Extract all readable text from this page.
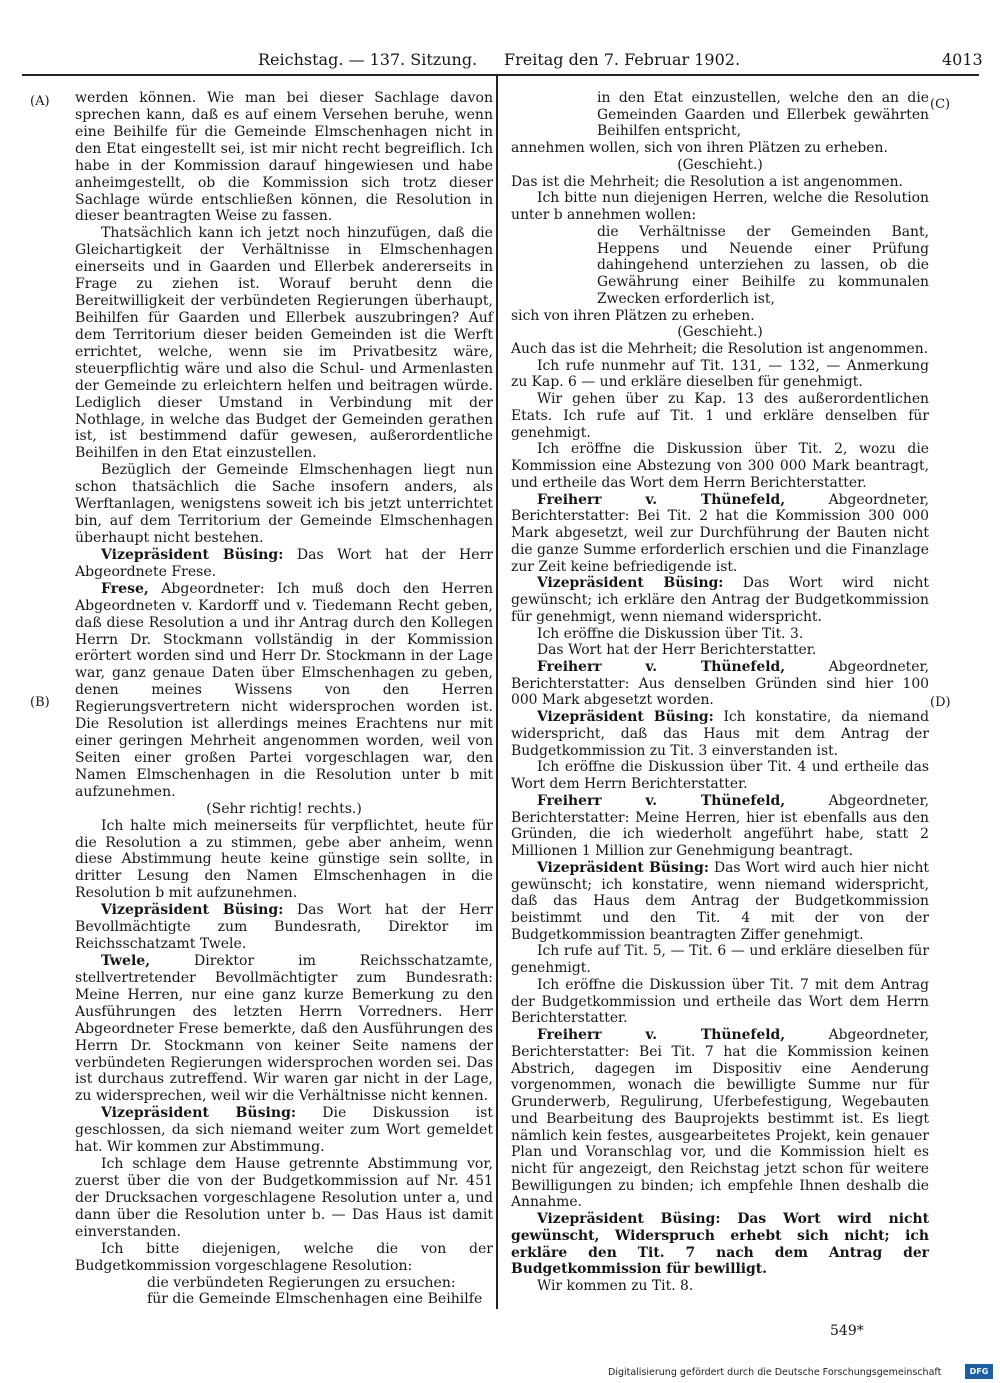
Reichstag. — 137. Sitzung. Freitag den 7. Februar 1902.	4013
(A)
(B)
(C)
(D)

werden können. Wie man bei dieser Sachlage davon sprechen kann, daß es auf einem Versehen beruhe, wenn eine Beihilfe für die Gemeinde Elmschenhagen nicht in den Etat eingestellt sei, ist mir nicht recht begreiflich. Ich habe in der Kommission darauf hingewiesen und habe anheimgestellt, ob die Kommission sich trotz dieser Sachlage würde entschließen können, die Resolution in dieser beantragten Weise zu fassen.

Thatsächlich kann ich jetzt noch hinzufügen, daß die Gleichartigkeit der Verhältnisse in Elmschenhagen einerseits und in Gaarden und Ellerbek andererseits in Frage zu ziehen ist. Worauf beruht denn die Bereitwilligkeit der verbündeten Regierungen überhaupt, Beihilfen für Gaarden und Ellerbek auszubringen? Auf dem Territorium dieser beiden Gemeinden ist die Werft errichtet, welche, wenn sie im Privatbesitz wäre, steuerpflichtig wäre und also die Schul- und Armenlasten der Gemeinde zu erleichtern helfen und beitragen würde. Lediglich dieser Umstand in Verbindung mit der Nothlage, in welche das Budget der Gemeinden gerathen ist, ist bestimmend dafür gewesen, außerordentliche Beihilfen in den Etat einzustellen.

Bezüglich der Gemeinde Elmschenhagen liegt nun schon thatsächlich die Sache insofern anders, als Werftanlagen, wenigstens soweit ich bis jetzt unterrichtet bin, auf dem Territorium der Gemeinde Elmschenhagen überhaupt nicht bestehen.

Vizepräsident Büsing: Das Wort hat der Herr Abgeordnete Frese.

Frese, Abgeordneter: Ich muß doch den Herren Abgeordneten v. Kardorff und v. Tiedemann Recht geben, daß diese Resolution a und ihr Antrag durch den Kollegen Herrn Dr. Stockmann vollständig in der Kommission erörtert worden sind und Herr Dr. Stockmann in der Lage war, ganz genaue Daten über Elmschenhagen zu geben, denen meines Wissens von den Herren Regierungsvertretern nicht widersprochen worden ist. Die Resolution ist allerdings meines Erachtens nur mit einer geringen Mehrheit angenommen worden, weil von Seiten einer großen Partei vorgeschlagen war, den Namen Elmschenhagen in die Resolution unter b mit aufzunehmen.

(Sehr richtig! rechts.)

Ich halte mich meinerseits für verpflichtet, heute für die Resolution a zu stimmen, gebe aber anheim, wenn diese Abstimmung heute keine günstige sein sollte, in dritter Lesung den Namen Elmschenhagen in die Resolution b mit aufzunehmen.

Vizepräsident Büsing: Das Wort hat der Herr Bevollmächtigte zum Bundesrath, Direktor im Reichsschatzamt Twele.

Twele, Direktor im Reichsschatzamte, stellvertretender Bevollmächtigter zum Bundesrath: Meine Herren, nur eine ganz kurze Bemerkung zu den Ausführungen des letzten Herrn Vorredners. Herr Abgeordneter Frese bemerkte, daß den Ausführungen des Herrn Dr. Stockmann von keiner Seite namens der verbündeten Regierungen widersprochen worden sei. Das ist durchaus zutreffend. Wir waren gar nicht in der Lage, zu widersprechen, weil wir die Verhältnisse nicht kennen.

Vizepräsident Büsing: Die Diskussion ist geschlossen, da sich niemand weiter zum Wort gemeldet hat. Wir kommen zur Abstimmung.

Ich schlage dem Hause getrennte Abstimmung vor, zuerst über die von der Budgetkommission auf Nr. 451 der Drucksachen vorgeschlagene Resolution unter a, und dann über die Resolution unter b. — Das Haus ist damit einverstanden.

Ich bitte diejenigen, welche die von der Budgetkommission vorgeschlagene Resolution:

die verbündeten Regierungen zu ersuchen:

für die Gemeinde Elmschenhagen eine Beihilfe

in den Etat einzustellen, welche den an die Gemeinden Gaarden und Ellerbek gewährten Beihilfen entspricht,

annehmen wollen, sich von ihren Plätzen zu erheben.

(Geschieht.)

Das ist die Mehrheit; die Resolution a ist angenommen.

Ich bitte nun diejenigen Herren, welche die Resolution unter b annehmen wollen:

die Verhältnisse der Gemeinden Bant, Heppens und Neuende einer Prüfung dahingehend unterziehen zu lassen, ob die Gewährung einer Beihilfe zu kommunalen Zwecken erforderlich ist,

sich von ihren Plätzen zu erheben.

(Geschieht.)

Auch das ist die Mehrheit; die Resolution ist angenommen.

Ich rufe nunmehr auf Tit. 131, — 132, — Anmerkung zu Kap. 6 — und erkläre dieselben für genehmigt.

Wir gehen über zu Kap. 13 des außerordentlichen Etats. Ich rufe auf Tit. 1 und erkläre denselben für genehmigt.

Ich eröffne die Diskussion über Tit. 2, wozu die Kommission eine Abstezung von 300 000 Mark beantragt, und ertheile das Wort dem Herrn Berichterstatter.

Freiherr v. Thünefeld, Abgeordneter, Berichterstatter: Bei Tit. 2 hat die Kommission 300 000 Mark abgesetzt, weil zur Durchführung der Bauten nicht die ganze Summe erforderlich erschien und die Finanzlage zur Zeit keine befriedigende ist.

Vizepräsident Büsing: Das Wort wird nicht gewünscht; ich erkläre den Antrag der Budgetkommission für genehmigt, wenn niemand widerspricht.

Ich eröffne die Diskussion über Tit. 3.

Das Wort hat der Herr Berichterstatter.

Freiherr v. Thünefeld, Abgeordneter, Berichterstatter: Aus denselben Gründen sind hier 100 000 Mark abgesetzt worden.

Vizepräsident Büsing: Ich konstatire, da niemand widerspricht, daß das Haus mit dem Antrag der Budgetkommission zu Tit. 3 einverstanden ist.

Ich eröffne die Diskussion über Tit. 4 und ertheile das Wort dem Herrn Berichterstatter.

Freiherr v. Thünefeld, Abgeordneter, Berichterstatter: Meine Herren, hier ist ebenfalls aus den Gründen, die ich wiederholt angeführt habe, statt 2 Millionen 1 Million zur Genehmigung beantragt.

Vizepräsident Büsing: Das Wort wird auch hier nicht gewünscht; ich konstatire, wenn niemand widerspricht, daß das Haus dem Antrag der Budgetkommission beistimmt und den Tit. 4 mit der von der Budgetkommission beantragten Ziffer genehmigt.

Ich rufe auf Tit. 5, — Tit. 6 — und erkläre dieselben für genehmigt.

Ich eröffne die Diskussion über Tit. 7 mit dem Antrag der Budgetkommission und ertheile das Wort dem Herrn Berichterstatter.

Freiherr v. Thünefeld, Abgeordneter, Berichterstatter: Bei Tit. 7 hat die Kommission keinen Abstrich, dagegen im Dispositiv eine Aenderung vorgenommen, wonach die bewilligte Summe nur für Grunderwerb, Regulirung, Uferbefestigung, Wegebauten und Bearbeitung des Bauprojekts bestimmt ist. Es liegt nämlich kein festes, ausgearbeitetes Projekt, kein genauer Plan und Voranschlag vor, und die Kommission hielt es nicht für angezeigt, den Reichstag jetzt schon für weitere Bewilligungen zu binden; ich empfehle Ihnen deshalb die Annahme.

Vizepräsident Büsing: Das Wort wird nicht gewünscht, Widerspruch erhebt sich nicht; ich erkläre den Tit. 7 nach dem Antrag der Budgetkommission für bewilligt.

Wir kommen zu Tit. 8.

549*
Digitalisierung gefördert durch die Deutsche Forschungsgemeinschaft	DFG
